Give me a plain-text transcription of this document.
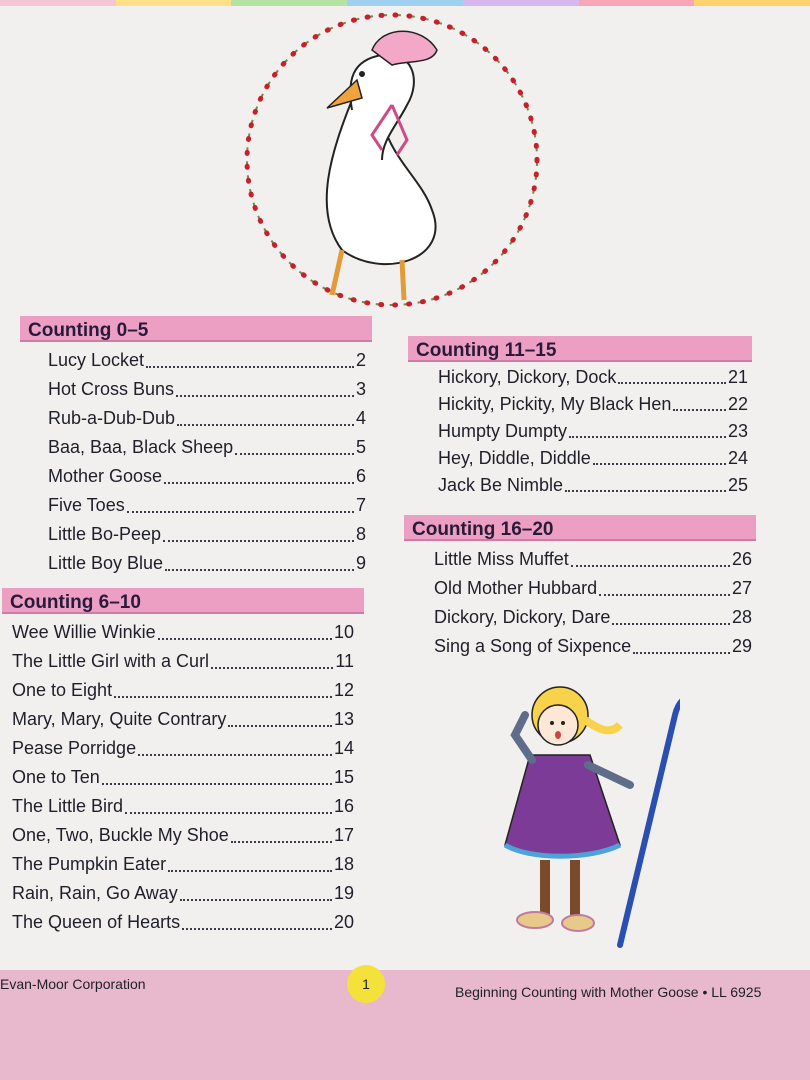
Counting 0–5
Lucy Locket	2
Hot Cross Buns	3
Rub-a-Dub-Dub	4
Baa, Baa, Black Sheep	5
Mother Goose	6
Five Toes	7
Little Bo-Peep	8
Little Boy Blue	9
Counting 6–10
Wee Willie Winkie	10
The Little Girl with a Curl	11
One to Eight	12
Mary, Mary, Quite Contrary	13
Pease Porridge	14
One to Ten	15
The Little Bird	16
One, Two, Buckle My Shoe	17
The Pumpkin Eater	18
Rain, Rain, Go Away	19
The Queen of Hearts	20
Counting 11–15
Hickory, Dickory, Dock	21
Hickity, Pickity, My Black Hen	22
Humpty Dumpty	23
Hey, Diddle, Diddle	24
Jack Be Nimble	25
Counting 16–20
Little Miss Muffet	26
Old Mother Hubbard	27
Dickory, Dickory, Dare	28
Sing a Song of Sixpence	29
Evan-Moor Corporation	1	Beginning Counting with Mother Goose • LL 6925
